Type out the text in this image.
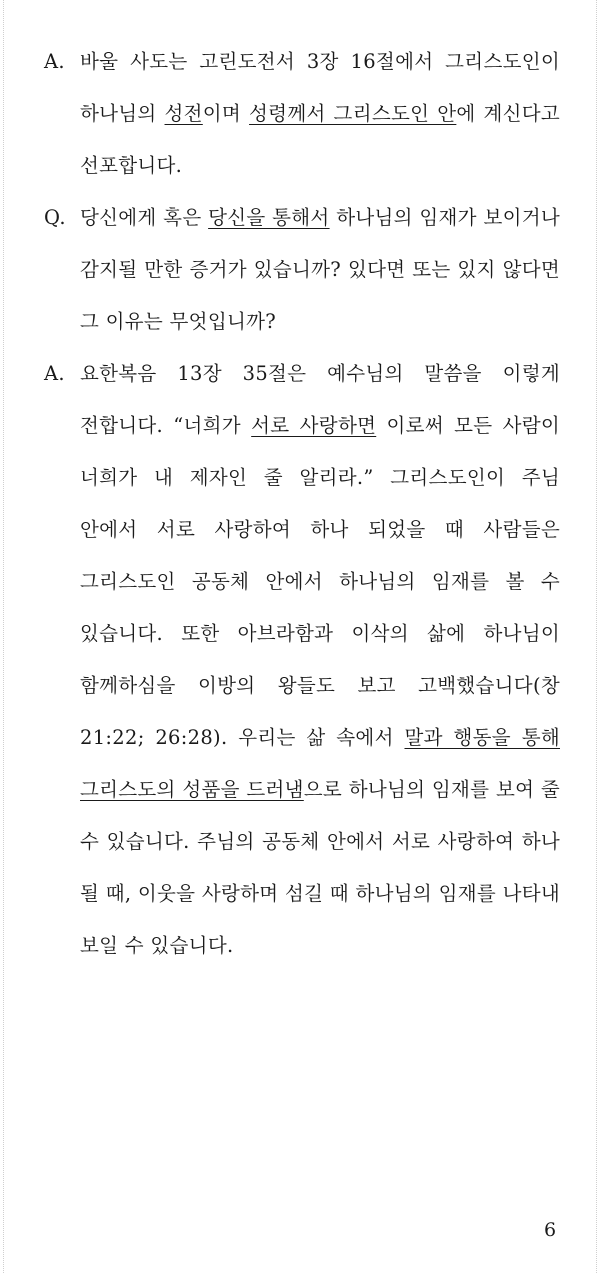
A. 바울 사도는 고린도전서 3장 16절에서 그리스도인이 하나님의 성전이며 성령께서 그리스도인 안에 계신다고 선포합니다.
Q. 당신에게 혹은 당신을 통해서 하나님의 임재가 보이거나 감지될 만한 증거가 있습니까? 있다면 또는 있지 않다면 그 이유는 무엇입니까?
A. 요한복음 13장 35절은 예수님의 말씀을 이렇게 전합니다. “너희가 서로 사랑하면 이로써 모든 사람이 너희가 내 제자인 줄 알리라.” 그리스도인이 주님 안에서 서로 사랑하여 하나 되었을 때 사람들은 그리스도인 공동체 안에서 하나님의 임재를 볼 수 있습니다. 또한 아브라함과 이삭의 삶에 하나님이 함께하심을 이방의 왕들도 보고 고백했습니다(창 21:22; 26:28). 우리는 삶 속에서 말과 행동을 통해 그리스도의 성품을 드러냄으로 하나님의 임재를 보여 줄 수 있습니다. 주님의 공동체 안에서 서로 사랑하여 하나 될 때, 이웃을 사랑하며 섬길 때 하나님의 임재를 나타내 보일 수 있습니다.
6
